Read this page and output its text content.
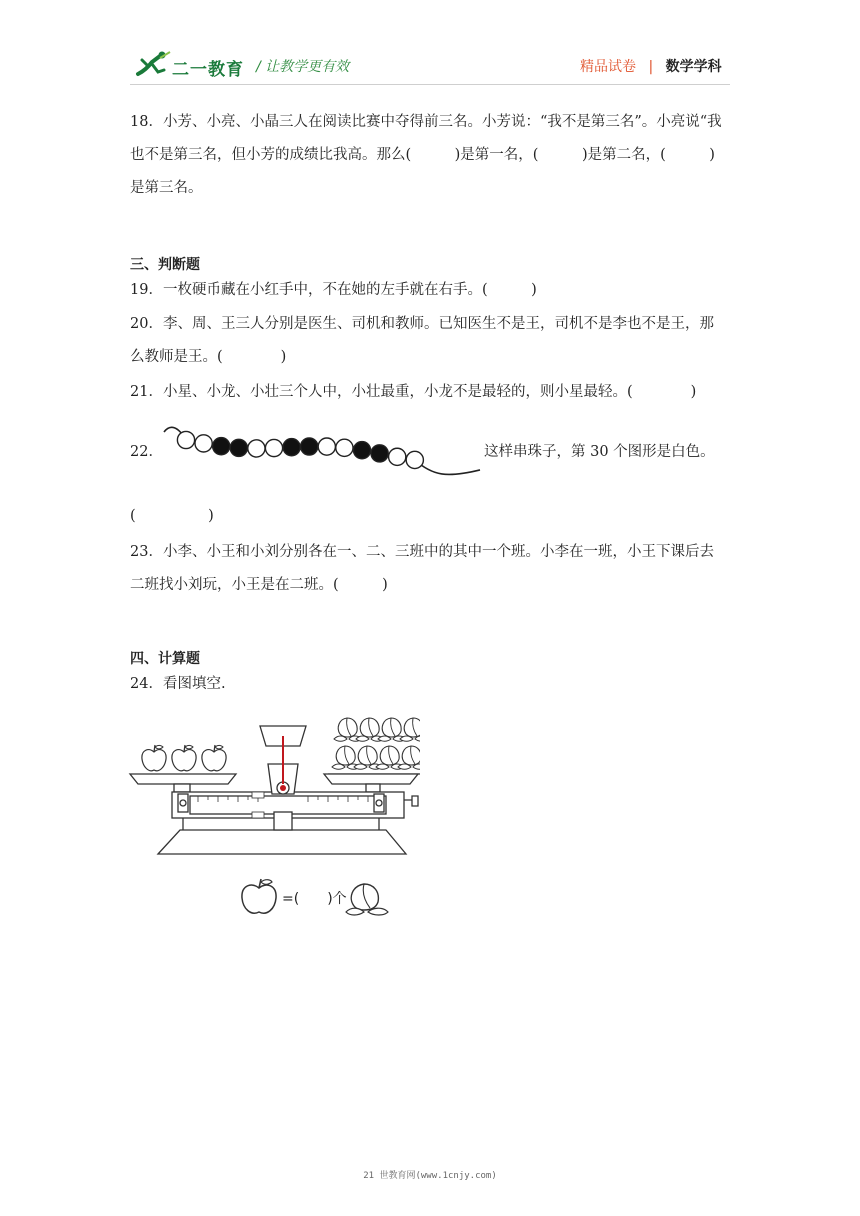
二一教育 / 让教学更有效	精品试卷 | 数学学科
18．小芳、小亮、小晶三人在阅读比赛中夺得前三名。小芳说：“我不是第三名”。小亮说“我
也不是第三名，但小芳的成绩比我高。那么(　　　)是第一名，(　　　)是第二名，(　　　)
是第三名。
三、判断题
19．一枚硬币藏在小红手中，不在她的左手就在右手。(　　　)
20．李、周、王三人分别是医生、司机和教师。已知医生不是王，司机不是李也不是王，那
么教师是王。(　　　　)
21．小星、小龙、小壮三个人中，小壮最重，小龙不是最轻的，则小星最轻。(　　　　)
22．	这样串珠子，第 30 个图形是白色。
(　　　　　)
23．小李、小王和小刘分别各在一、二、三班中的其中一个班。小李在一班，小王下课后去
二班找小刘玩，小王是在二班。(　　　)
四、计算题
24．看图填空.
=(　　)个
21 世教育网(www.1cnjy.com)
